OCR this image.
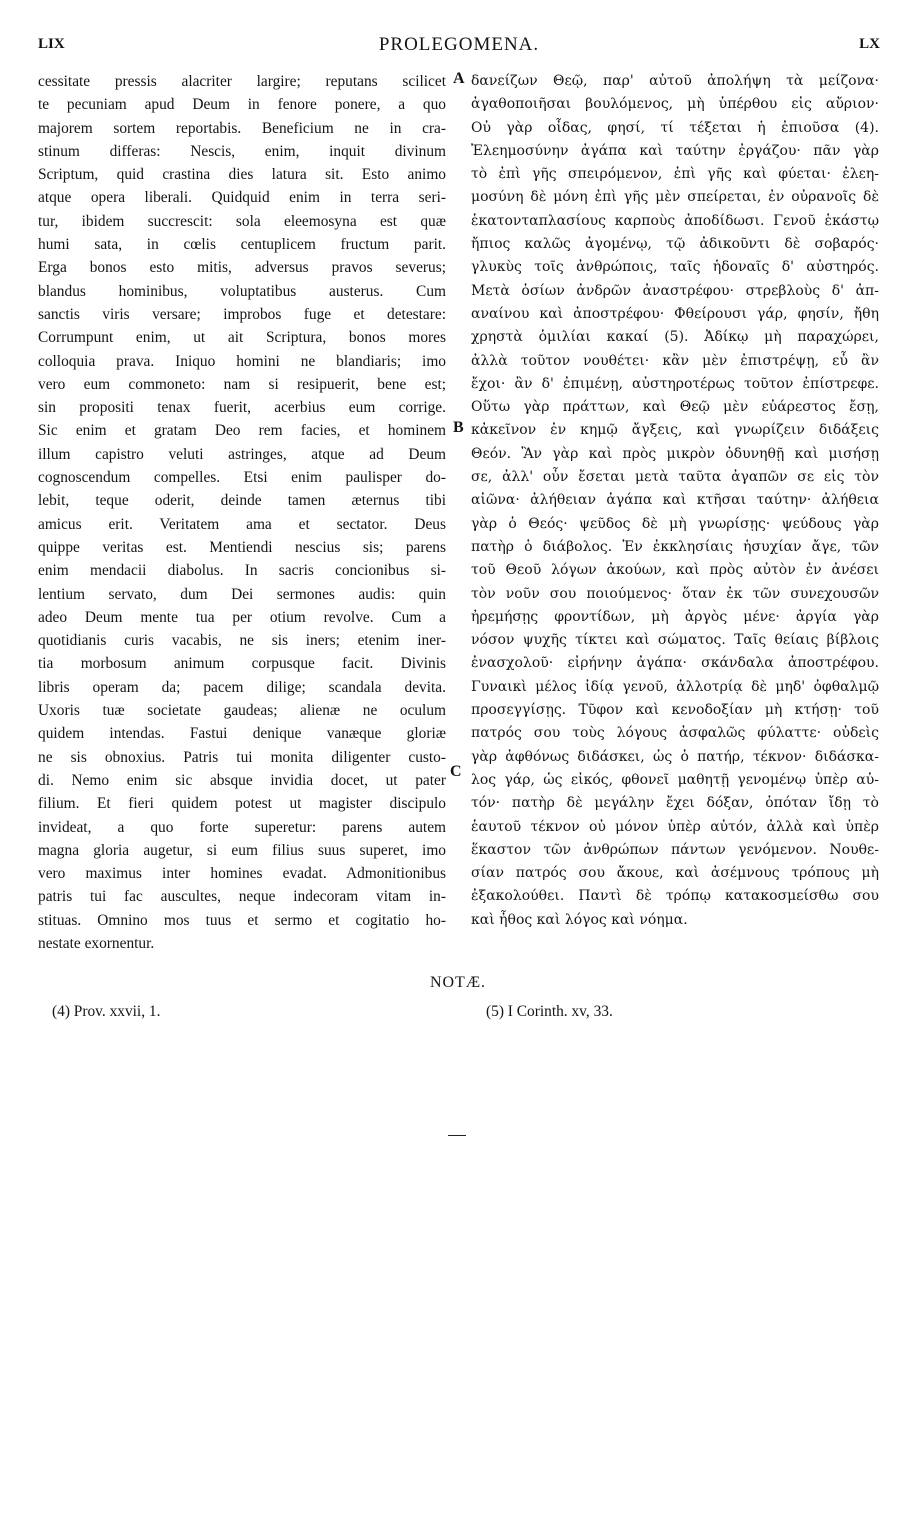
LIX	PROLEGOMENA.	LX
cessitate pressis alacriter largire; reputans scilicet
te pecuniam apud Deum in fenore ponere, a quo
majorem sortem reportabis. Beneficium ne in cra-
stinum differas: Nescis, enim, inquit divinum
Scriptum, quid crastina dies latura sit. Esto animo
atque opera liberali. Quidquid enim in terra seri-
tur, ibidem succrescit: sola eleemosyna est quæ
humi sata, in cœlis centuplicem fructum parit.
Erga bonos esto mitis, adversus pravos severus;
blandus hominibus, voluptatibus austerus. Cum
sanctis viris versare; improbos fuge et detestare:
Corrumpunt enim, ut ait Scriptura, bonos mores
colloquia prava. Iniquo homini ne blandiaris; imo
vero eum commoneto: nam si resipuerit, bene est;
sin propositi tenax fuerit, acerbius eum corrige.
Sic enim et gratam Deo rem facies, et hominem
illum capistro veluti astringes, atque ad Deum
cognoscendum compelles. Etsi enim paulisper do-
lebit, teque oderit, deinde tamen æternus tibi
amicus erit. Veritatem ama et sectator. Deus
quippe veritas est. Mentiendi nescius sis; parens
enim mendacii diabolus. In sacris concionibus si-
lentium servato, dum Dei sermones audis: quin
adeo Deum mente tua per otium revolve. Cum a
quotidianis curis vacabis, ne sis iners; etenim iner-
tia morbosum animum corpusque facit. Divinis
libris operam da; pacem dilige; scandala devita.
Uxoris tuæ societate gaudeas; alienæ ne oculum
quidem intendas. Fastui denique vanæque gloriæ
ne sis obnoxius. Patris tui monita diligenter custo-
di. Nemo enim sic absque invidia docet, ut pater
filium. Et fieri quidem potest ut magister discipulo
invideat, a quo forte superetur: parens autem
magna gloria augetur, si eum filius suus superet, imo
vero maximus inter homines evadat. Admonitionibus
patris tui fac auscultes, neque indecoram vitam in-
stituas. Omnino mos tuus et sermo et cogitatio ho-
nestate exornentur.
δανείζων Θεῷ, παρ' αὐτοῦ ἀπολήψη τὰ μείζονα·
ἀγαθοποιῆσαι βουλόμενος, μὴ ὑπέρθου εἰς αὔριον·
Οὐ γὰρ οἶδας, φησί, τί τέξεται ἡ ἐπιοῦσα (4).
Ἐλεημοσύνην ἀγάπα καὶ ταύτην ἐργάζου· πᾶν γὰρ
τὸ ἐπὶ γῆς σπειρόμενον, ἐπὶ γῆς καὶ φύεται· ἐλεη-
μοσύνη δὲ μόνη ἐπὶ γῆς μὲν σπείρεται, ἐν οὐρανοῖς δὲ
ἑκατονταπλασίους καρποὺς ἀποδίδωσι. Γενοῦ ἑκάστῳ
ἤπιος καλῶς ἀγομένῳ, τῷ ἀδικοῦντι δὲ σοβαρός·
γλυκὺς τοῖς ἀνθρώποις, ταῖς ἡδοναῖς δ' αὐστηρός.
Μετὰ ὁσίων ἀνδρῶν ἀναστρέφου· στρεβλοὺς δ' ἀπ-
αναίνου καὶ ἀποστρέφου· Φθείρουσι γάρ, φησίν, ἤθη
χρηστὰ ὁμιλίαι κακαί (5). Ἀδίκῳ μὴ παραχώρει,
ἀλλὰ τοῦτον νουθέτει· κἂν μὲν ἐπιστρέψῃ, εὖ ἂν
ἔχοι· ἂν δ' ἐπιμένῃ, αὐστηροτέρως τοῦτον ἐπίστρεφε.
Οὕτω γὰρ πράττων, καὶ Θεῷ μὲν εὐάρεστος ἔσῃ,
κἀκεῖνον ἐν κημῷ ἄγξεις, καὶ γνωρίζειν διδάξεις
Θεόν. Ἂν γὰρ καὶ πρὸς μικρὸν ὀδυνηθῇ καὶ μισήσῃ
σε, ἀλλ' οὖν ἔσεται μετὰ ταῦτα ἀγαπῶν σε εἰς τὸν
αἰῶνα· ἀλήθειαν ἀγάπα καὶ κτῆσαι ταύτην· ἀλήθεια
γὰρ ὁ Θεός· ψεῦδος δὲ μὴ γνωρίσῃς· ψεύδους γὰρ
πατὴρ ὁ διάβολος. Ἐν ἐκκλησίαις ἡσυχίαν ἄγε, τῶν
τοῦ Θεοῦ λόγων ἀκούων, καὶ πρὸς αὐτὸν ἐν ἀνέσει
τὸν νοῦν σου ποιούμενος· ὅταν ἐκ τῶν συνεχουσῶν
ἠρεμήσῃς φροντίδων, μὴ ἀργὸς μένε· ἀργία γὰρ
νόσον ψυχῆς τίκτει καὶ σώματος. Ταῖς θείαις βίβλοις
ἐνασχολοῦ· εἰρήνην ἀγάπα· σκάνδαλα ἀποστρέφου.
Γυναικὶ μέλος ἰδίᾳ γενοῦ, ἀλλοτρίᾳ δὲ μηδ' ὀφθαλμῷ
προσεγγίσῃς. Τῦφον καὶ κενοδοξίαν μὴ κτήσῃ· τοῦ
πατρός σου τοὺς λόγους ἀσφαλῶς φύλαττε· οὐδεὶς
γὰρ ἀφθόνως διδάσκει, ὡς ὁ πατήρ, τέκνον· διδάσκα-
λος γάρ, ὡς εἰκός, φθονεῖ μαθητῇ γενομένῳ ὑπὲρ αὐ-
τόν· πατὴρ δὲ μεγάλην ἔχει δόξαν, ὁπόταν ἴδῃ τὸ
ἑαυτοῦ τέκνον οὐ μόνον ὑπὲρ αὐτόν, ἀλλὰ καὶ ὑπὲρ
ἕκαστον τῶν ἀνθρώπων πάντων γενόμενον. Νουθε-
σίαν πατρός σου ἄκουε, καὶ ἀσέμνους τρόπους μὴ
ἐξακολούθει. Παντὶ δὲ τρόπῳ κατακοσμείσθω σου
καὶ ἦθος καὶ λόγος καὶ νόημα.
A
B
C
NOTÆ.
(4) Prov. xxvii, 1.	(5) I Corinth. xv, 33.
